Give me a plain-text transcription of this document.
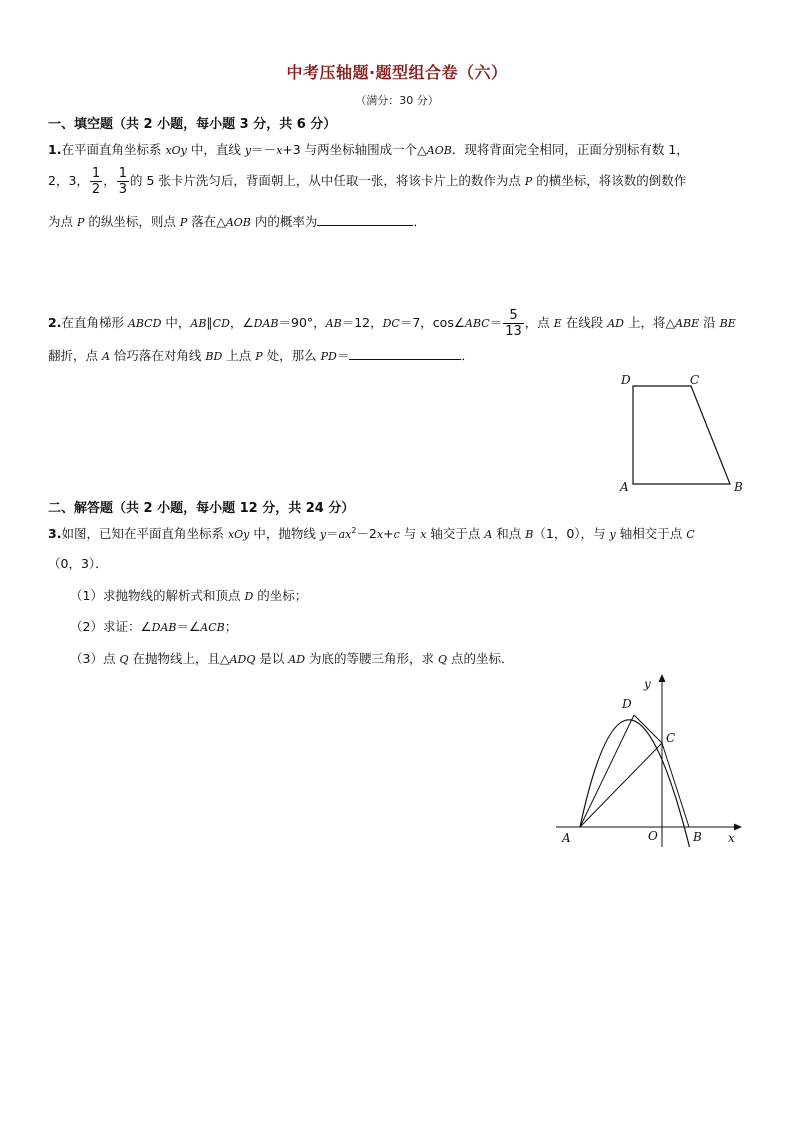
中考压轴题·题型组合卷（六）
（满分：30 分）
一、填空题（共 2 小题，每小题 3 分，共 6 分）
1.在平面直角坐标系 xOy 中，直线 y＝－x+3 与两坐标轴围成一个△AOB．现将背面完全相同，正面分别标有数 1，
2，3， $\frac{1}{2}$ ， $\frac{1}{3}$ 的 5 张卡片洗匀后，背面朝上，从中任取一张，将该卡片上的数作为点 P 的横坐标，将该数的倒数作
为点 P 的纵坐标，则点 P 落在△AOB 内的概率为	．
2.在直角梯形 ABCD 中，AB∥CD，∠DAB＝90°，AB＝12，DC＝7，cos∠ABC＝ $\frac{5}{13}$ ，点 E 在线段 AD 上，将△ABE 沿 BE
翻折，点 A 恰巧落在对角线 BD 上点 P 处，那么 PD＝	．
D	C
A	B
二、解答题（共 2 小题，每小题 12 分，共 24 分）
3.如图，已知在平面直角坐标系 xOy 中，抛物线 $y=ax^2-2x+c$ 与 x 轴交于点 A 和点 B（1，0），与 y 轴相交于点 C
（0，3）．
（1）求抛物线的解析式和顶点 D 的坐标；
（2）求证：∠DAB＝∠ACB；
（3）点 Q 在抛物线上，且△ADQ 是以 AD 为底的等腰三角形，求 Q 点的坐标．
y
D
C
A	O	B x
